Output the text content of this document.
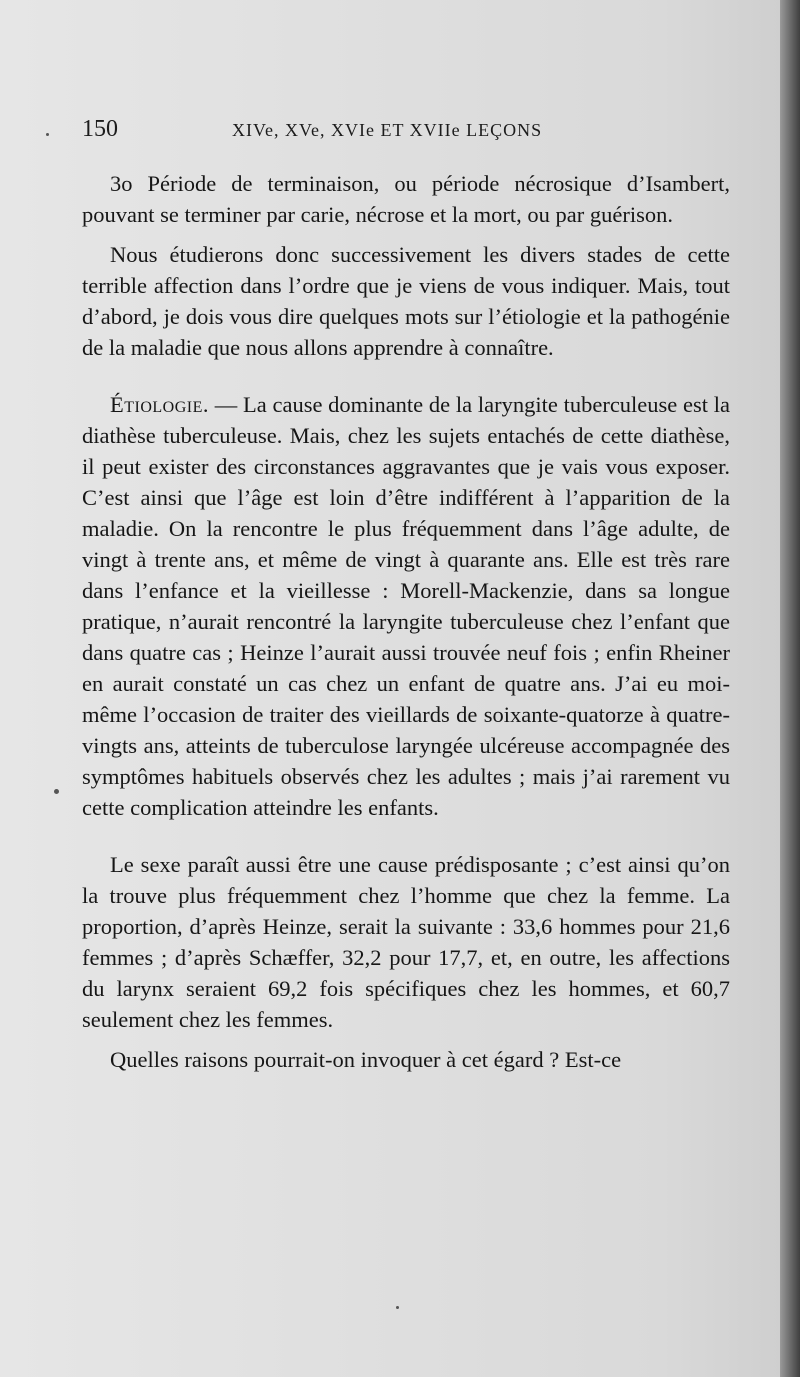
150	XIVe, XVe, XVIe ET XVIIe LEÇONS

3o Période de terminaison, ou période nécrosique d’Isambert, pouvant se terminer par carie, nécrose et la mort, ou par guérison.

Nous étudierons donc successivement les divers stades de cette terrible affection dans l’ordre que je viens de vous indiquer. Mais, tout d’abord, je dois vous dire quelques mots sur l’étiologie et la pathogénie de la maladie que nous allons apprendre à connaître.

Étiologie. — La cause dominante de la laryngite tuberculeuse est la diathèse tuberculeuse. Mais, chez les sujets entachés de cette diathèse, il peut exister des circonstances aggravantes que je vais vous exposer. C’est ainsi que l’âge est loin d’être indifférent à l’apparition de la maladie. On la rencontre le plus fréquemment dans l’âge adulte, de vingt à trente ans, et même de vingt à quarante ans. Elle est très rare dans l’enfance et la vieillesse : Morell-Mackenzie, dans sa longue pratique, n’aurait rencontré la laryngite tuberculeuse chez l’enfant que dans quatre cas ; Heinze l’aurait aussi trouvée neuf fois ; enfin Rheiner en aurait constaté un cas chez un enfant de quatre ans. J’ai eu moi-même l’occasion de traiter des vieillards de soixante-quatorze à quatre-vingts ans, atteints de tuberculose laryngée ulcéreuse accompagnée des symptômes habituels observés chez les adultes ; mais j’ai rarement vu cette complication atteindre les enfants.

Le sexe paraît aussi être une cause prédisposante ; c’est ainsi qu’on la trouve plus fréquemment chez l’homme que chez la femme. La proportion, d’après Heinze, serait la suivante : 33,6 hommes pour 21,6 femmes ; d’après Schæffer, 32,2 pour 17,7, et, en outre, les affections du larynx seraient 69,2 fois spécifiques chez les hommes, et 60,7 seulement chez les femmes.

Quelles raisons pourrait-on invoquer à cet égard ? Est-ce
